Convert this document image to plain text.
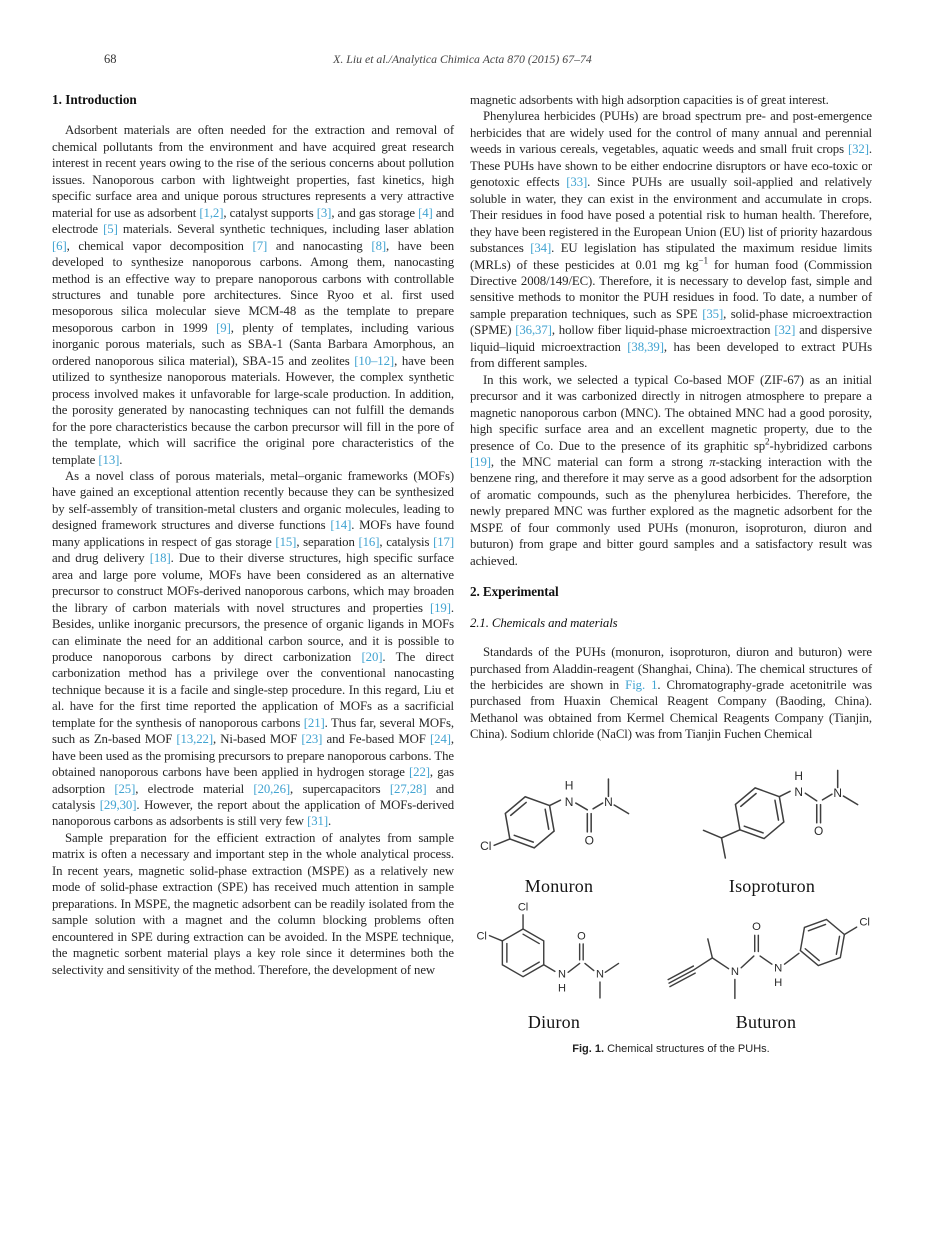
68	X. Liu et al./Analytica Chimica Acta 870 (2015) 67–74
1. Introduction

Adsorbent materials are often needed for the extraction and removal of chemical pollutants from the environment and have acquired great research interest in recent years owing to the rise of the serious concerns about pollution issues. Nanoporous carbon with lightweight properties, fast kinetics, high specific surface area and unique porous structures represents a very attractive material for use as adsorbent [1,2], catalyst supports [3], and gas storage [4] and electrode [5] materials. Several synthetic techniques, including laser ablation [6], chemical vapor decomposition [7] and nanocasting [8], have been developed to synthesize nanoporous carbons. Among them, nanocasting method is an effective way to prepare nanoporous carbons with controllable structures and tunable pore architectures. Since Ryoo et al. first used mesoporous silica molecular sieve MCM-48 as the template to prepare mesoporous carbon in 1999 [9], plenty of templates, including various inorganic porous materials, such as SBA-1 (Santa Barbara Amorphous, an ordered nanoporous silica material), SBA-15 and zeolites [10–12], have been utilized to synthesize nanoporous materials. However, the complex synthetic process involved makes it unfavorable for large-scale production. In addition, the porosity generated by nanocasting techniques can not fulfill the demands for the pore characteristics because the carbon precursor will fill in the pore of the template, which will sacrifice the original pore characteristics of the template [13].

As a novel class of porous materials, metal–organic frameworks (MOFs) have gained an exceptional attention recently because they can be synthesized by self-assembly of transition-metal clusters and organic molecules, leading to designed framework structures and diverse functions [14]. MOFs have found many applications in respect of gas storage [15], separation [16], catalysis [17] and drug delivery [18]. Due to their diverse structures, high specific surface area and large pore volume, MOFs have been considered as an alternative precursor to construct MOFs-derived nanoporous carbons, which may broaden the library of carbon materials with novel structures and properties [19]. Besides, unlike inorganic precursors, the presence of organic ligands in MOFs can eliminate the need for an additional carbon source, and it is possible to produce nanoporous carbons by direct carbonization [20]. The direct carbonization method has a privilege over the conventional nanocasting technique because it is a facile and single-step procedure. In this regard, Liu et al. have for the first time reported the application of MOFs as a sacrificial template for the synthesis of nanoporous carbons [21]. Thus far, several MOFs, such as Zn-based MOF [13,22], Ni-based MOF [23] and Fe-based MOF [24], have been used as the promising precursors to prepare nanoporous carbons. The obtained nanoporous carbons have been applied in hydrogen storage [22], gas adsorption [25], electrode material [20,26], supercapacitors [27,28] and catalysis [29,30]. However, the report about the application of MOFs-derived nanoporous carbons as adsorbents is still very few [31].

Sample preparation for the efficient extraction of analytes from sample matrix is often a necessary and important step in the whole analytical process. In recent years, magnetic solid-phase extraction (MSPE) as a relatively new mode of solid-phase extraction (SPE) has received much attention in sample preparations. In MSPE, the magnetic adsorbent can be readily isolated from the sample solution with a magnet and the column blocking problems often encountered in SPE during extraction can be avoided. In the MSPE technique, the magnetic sorbent material plays a key role since it determines both the selectivity and sensitivity of the method. Therefore, the development of new

magnetic adsorbents with high adsorption capacities is of great interest.

Phenylurea herbicides (PUHs) are broad spectrum pre- and post-emergence herbicides that are widely used for the control of many annual and perennial weeds in various cereals, vegetables, aquatic weeds and small fruit crops [32]. These PUHs have shown to be either endocrine disruptors or have eco-toxic or genotoxic effects [33]. Since PUHs are usually soil-applied and relatively soluble in water, they can exist in the environment and accumulate in crops. Their residues in food have posed a potential risk to human health. Therefore, they have been registered in the European Union (EU) list of priority hazardous substances [34]. EU legislation has stipulated the maximum residue limits (MRLs) of these pesticides at 0.01 mg $kg^{-1}$ for human food (Commission Directive 2008/149/EC). Therefore, it is necessary to develop fast, simple and sensitive methods to monitor the PUH residues in food. To date, a number of sample preparation techniques, such as SPE [35], solid-phase microextraction (SPME) [36,37], hollow fiber liquid-phase microextraction [32] and dispersive liquid–liquid microextraction [38,39], has been developed to extract PUHs from different samples.

In this work, we selected a typical Co-based MOF (ZIF-67) as an initial precursor and it was carbonized directly in nitrogen atmosphere to prepare a magnetic nanoporous carbon (MNC). The obtained MNC had a good porosity, high specific surface area and an excellent magnetic property, due to the presence of Co. Due to the presence of its graphitic $sp^2$-hybridized carbons [19], the MNC material can form a strong π-stacking interaction with the benzene ring, and therefore it may serve as a good adsorbent for the adsorption of aromatic compounds, such as the phenylurea herbicides. Therefore, the newly prepared MNC was further explored as the magnetic adsorbent for the MSPE of four commonly used PUHs (monuron, isoproturon, diuron and buturon) from grape and bitter gourd samples and a satisfactory result was achieved.

2. Experimental
2.1. Chemicals and materials

Standards of the PUHs (monuron, isoproturon, diuron and buturon) were purchased from Aladdin-reagent (Shanghai, China). The chemical structures of the herbicides are shown in Fig. 1. Chromatography-grade acetonitrile was purchased from Huaxin Chemical Reagent Company (Baoding, China). Methanol was obtained from Kermel Chemical Reagents Company (Tianjin, China). Sodium chloride (NaCl) was from Tianjin Fuchen Chemical

Cl
H
N
O
N
Monuron
H
N
O
N
Isoproturon
Cl
Cl
N
H
O
N
Diuron
O
N	N
H
Cl
Buturon
Fig. 1. Chemical structures of the PUHs.
